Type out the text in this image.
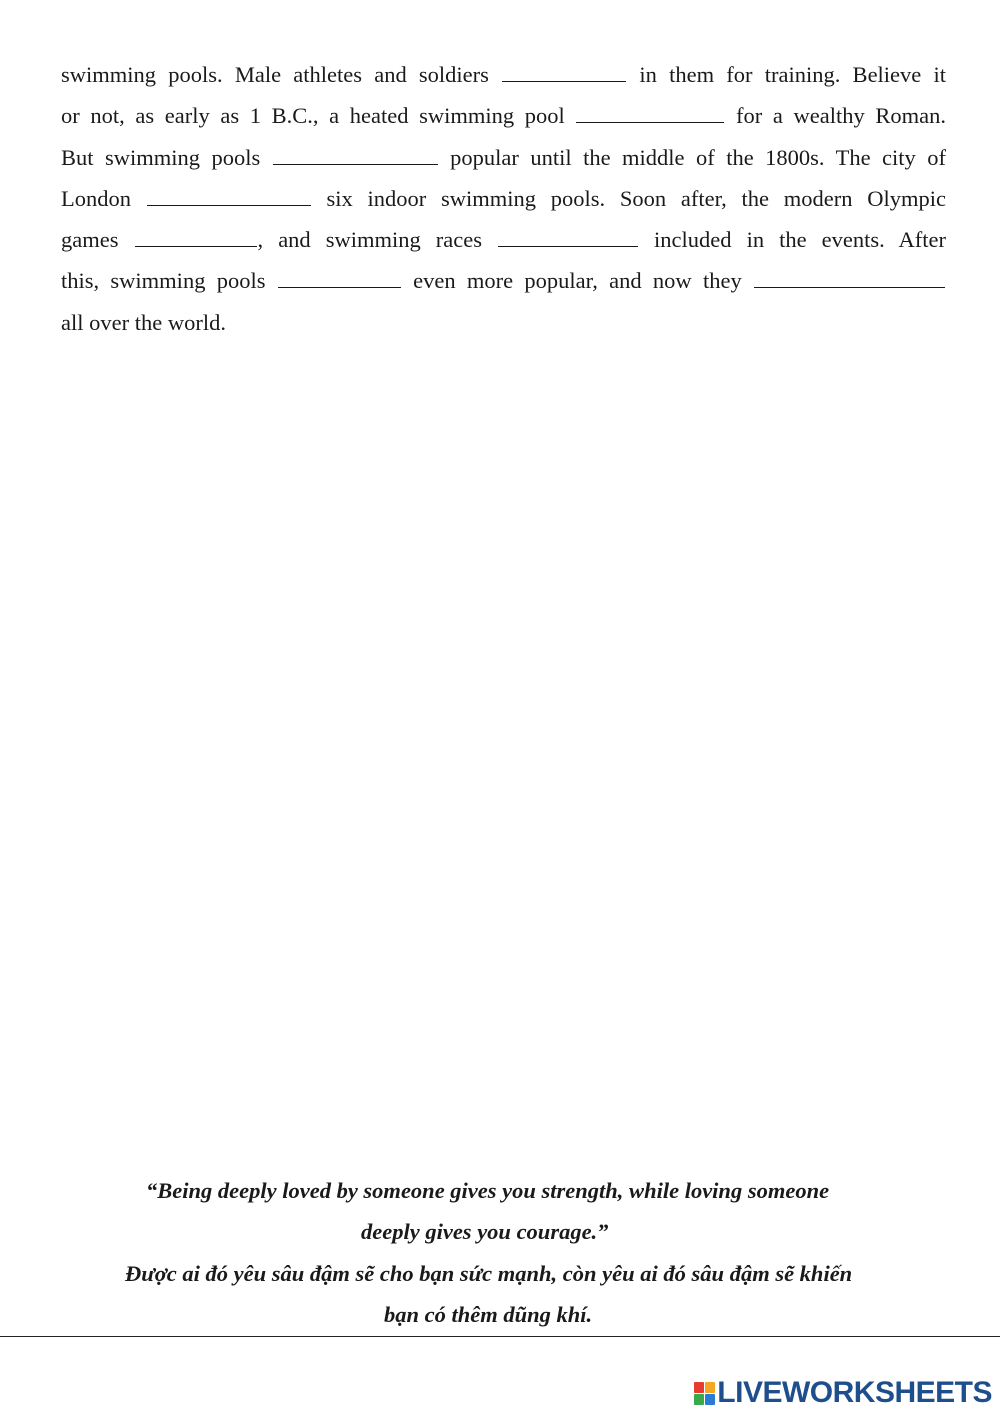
swimming pools. Male athletes and soldiers	in them for training. Believe it
or not, as early as 1 B.C., a heated swimming pool	for a wealthy Roman.
But swimming pools	popular until the middle of the 1800s. The city of
London	six indoor swimming pools. Soon after, the modern Olympic
games	, and swimming races	included in the events. After
this, swimming pools	even more popular, and now they
all over the world.
“Being deeply loved by someone gives you strength, while loving someone
deeply gives you courage.”
Được ai đó yêu sâu đậm sẽ cho bạn sức mạnh, còn yêu ai đó sâu đậm sẽ khiến
bạn có thêm dũng khí.
LIVEWORKSHEETS
